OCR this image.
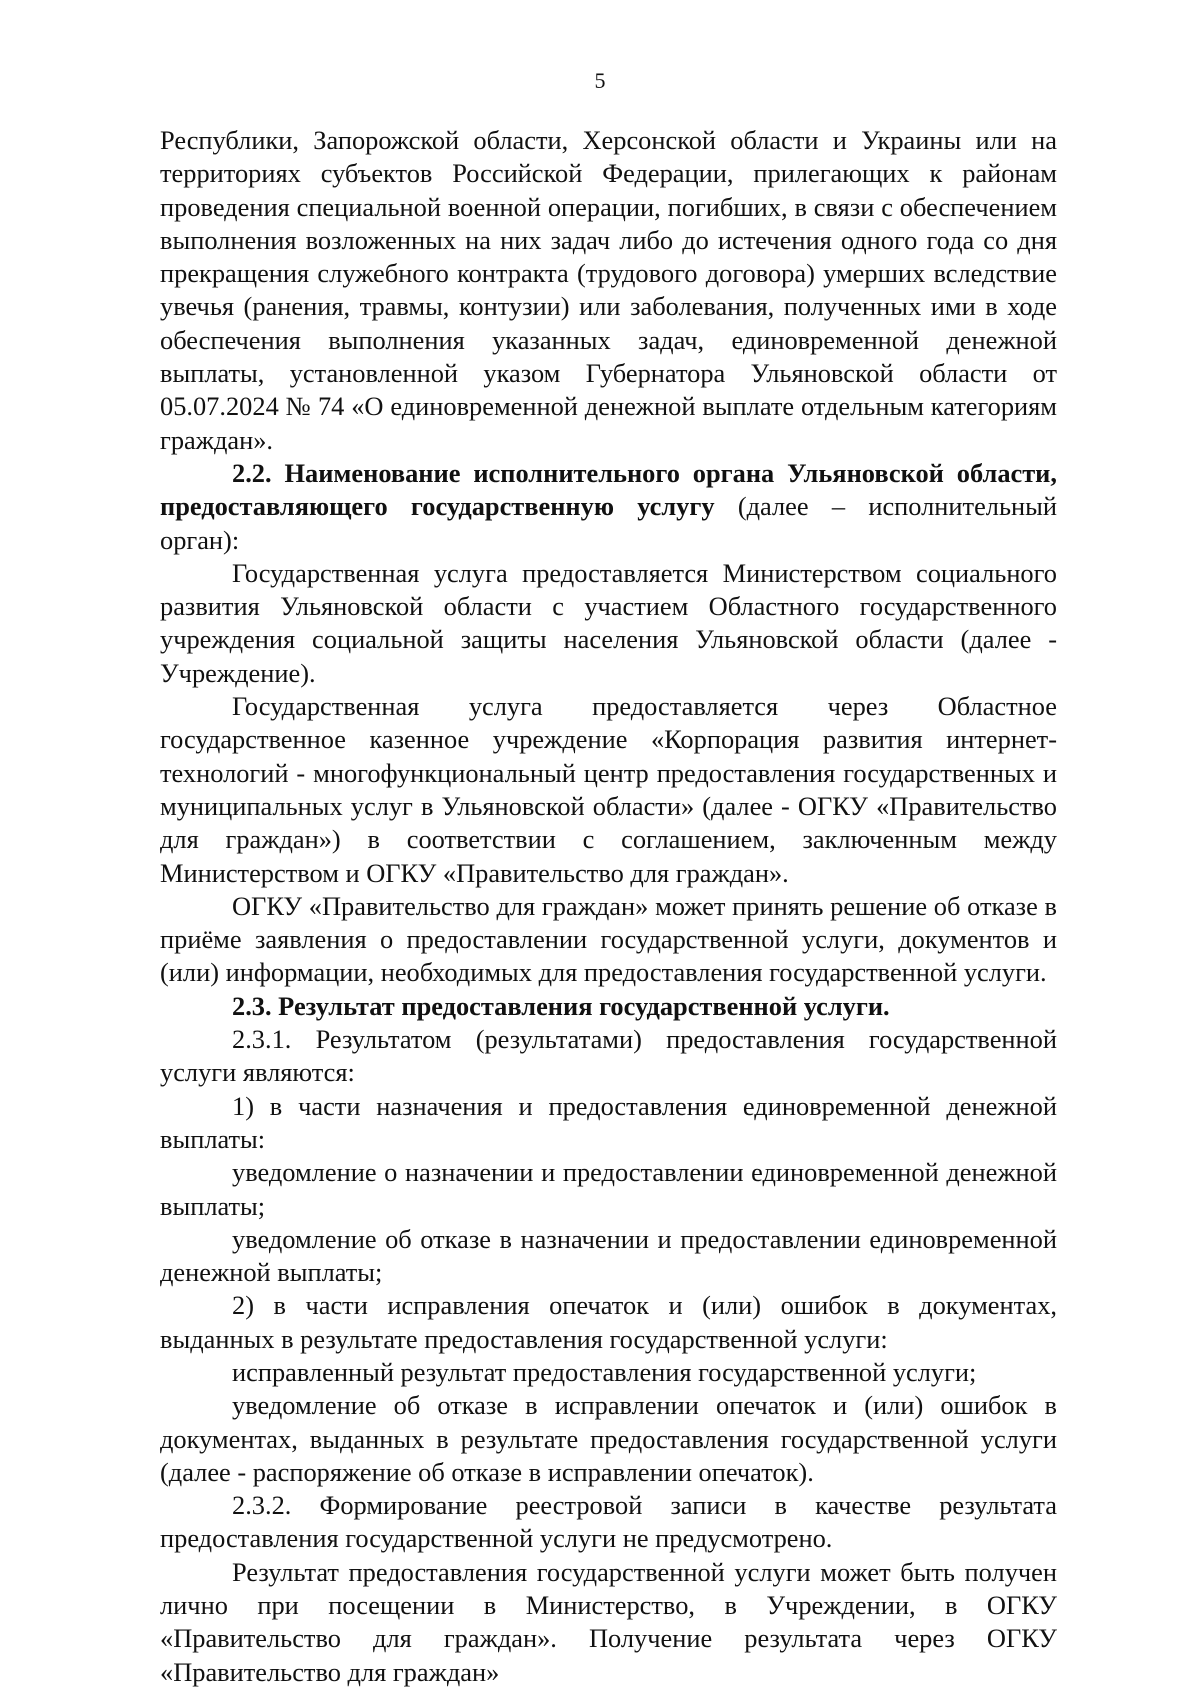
5

Республики, Запорожской области, Херсонской области и Украины или на территориях субъектов Российской Федерации, прилегающих к районам проведения специальной военной операции, погибших, в связи с обеспечением выполнения возложенных на них задач либо до истечения одного года со дня прекращения служебного контракта (трудового договора) умерших вследствие увечья (ранения, травмы, контузии) или заболевания, полученных ими в ходе обеспечения выполнения указанных задач, единовременной денежной выплаты, установленной указом Губернатора Ульяновской области от 05.07.2024 № 74 «О единовременной денежной выплате отдельным категориям граждан».

2.2. Наименование исполнительного органа Ульяновской области, предоставляющего государственную услугу (далее – исполнительный орган):

Государственная услуга предоставляется Министерством социального развития Ульяновской области с участием Областного государственного учреждения социальной защиты населения Ульяновской области (далее - Учреждение).

Государственная услуга предоставляется через Областное государственное казенное учреждение «Корпорация развития интернет-технологий - многофункциональный центр предоставления государственных и муниципальных услуг в Ульяновской области» (далее - ОГКУ «Правительство для граждан») в соответствии с соглашением, заключенным между Министерством и ОГКУ «Правительство для граждан».

ОГКУ «Правительство для граждан» может принять решение об отказе в приёме заявления о предоставлении государственной услуги, документов и (или) информации, необходимых для предоставления государственной услуги.

2.3. Результат предоставления государственной услуги.

2.3.1. Результатом (результатами) предоставления государственной услуги являются:

1) в части назначения и предоставления единовременной денежной выплаты:

уведомление о назначении и предоставлении единовременной денежной выплаты;

уведомление об отказе в назначении и предоставлении единовременной денежной выплаты;

2) в части исправления опечаток и (или) ошибок в документах, выданных в результате предоставления государственной услуги:

исправленный результат предоставления государственной услуги;

уведомление об отказе в исправлении опечаток и (или) ошибок в документах, выданных в результате предоставления государственной услуги (далее - распоряжение об отказе в исправлении опечаток).

2.3.2. Формирование реестровой записи в качестве результата предоставления государственной услуги не предусмотрено.

Результат предоставления государственной услуги может быть получен лично при посещении в Министерство, в Учреждении, в ОГКУ «Правительство для граждан». Получение результата через ОГКУ «Правительство для граждан»
